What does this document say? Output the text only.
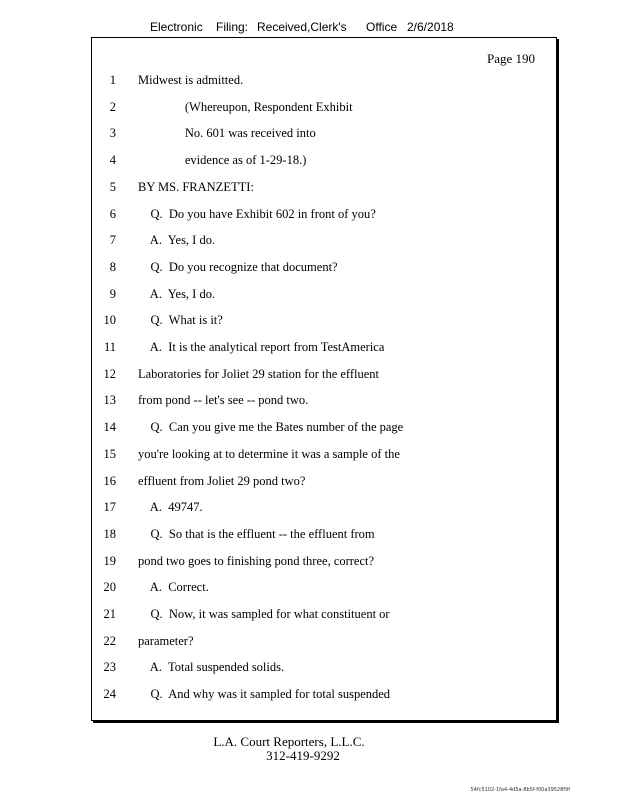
Electronic Filing: Received,Clerk's Office 2/6/2018
Page 190
1 Midwest is admitted.
2 (Whereupon, Respondent Exhibit
3 No. 601 was received into
4 evidence as of 1-29-18.)
5 BY MS. FRANZETTI:
6 Q.  Do you have Exhibit 602 in front of you?
7 A.  Yes, I do.
8 Q.  Do you recognize that document?
9 A.  Yes, I do.
10 Q.  What is it?
11 A.  It is the analytical report from TestAmerica
12 Laboratories for Joliet 29 station for the effluent
13 from pond -- let's see -- pond two.
14 Q.  Can you give me the Bates number of the page
15 you're looking at to determine it was a sample of the
16 effluent from Joliet 29 pond two?
17 A.  49747.
18 Q.  So that is the effluent -- the effluent from
19 pond two goes to finishing pond three, correct?
20 A.  Correct.
21 Q.  Now, it was sampled for what constituent or
22 parameter?
23 A.  Total suspended solids.
24 Q.  And why was it sampled for total suspended
L.A. Court Reporters, L.L.C.
312-419-9292
54fc5102-1fa4-4d5a-8b5f-f00a39528f9f
